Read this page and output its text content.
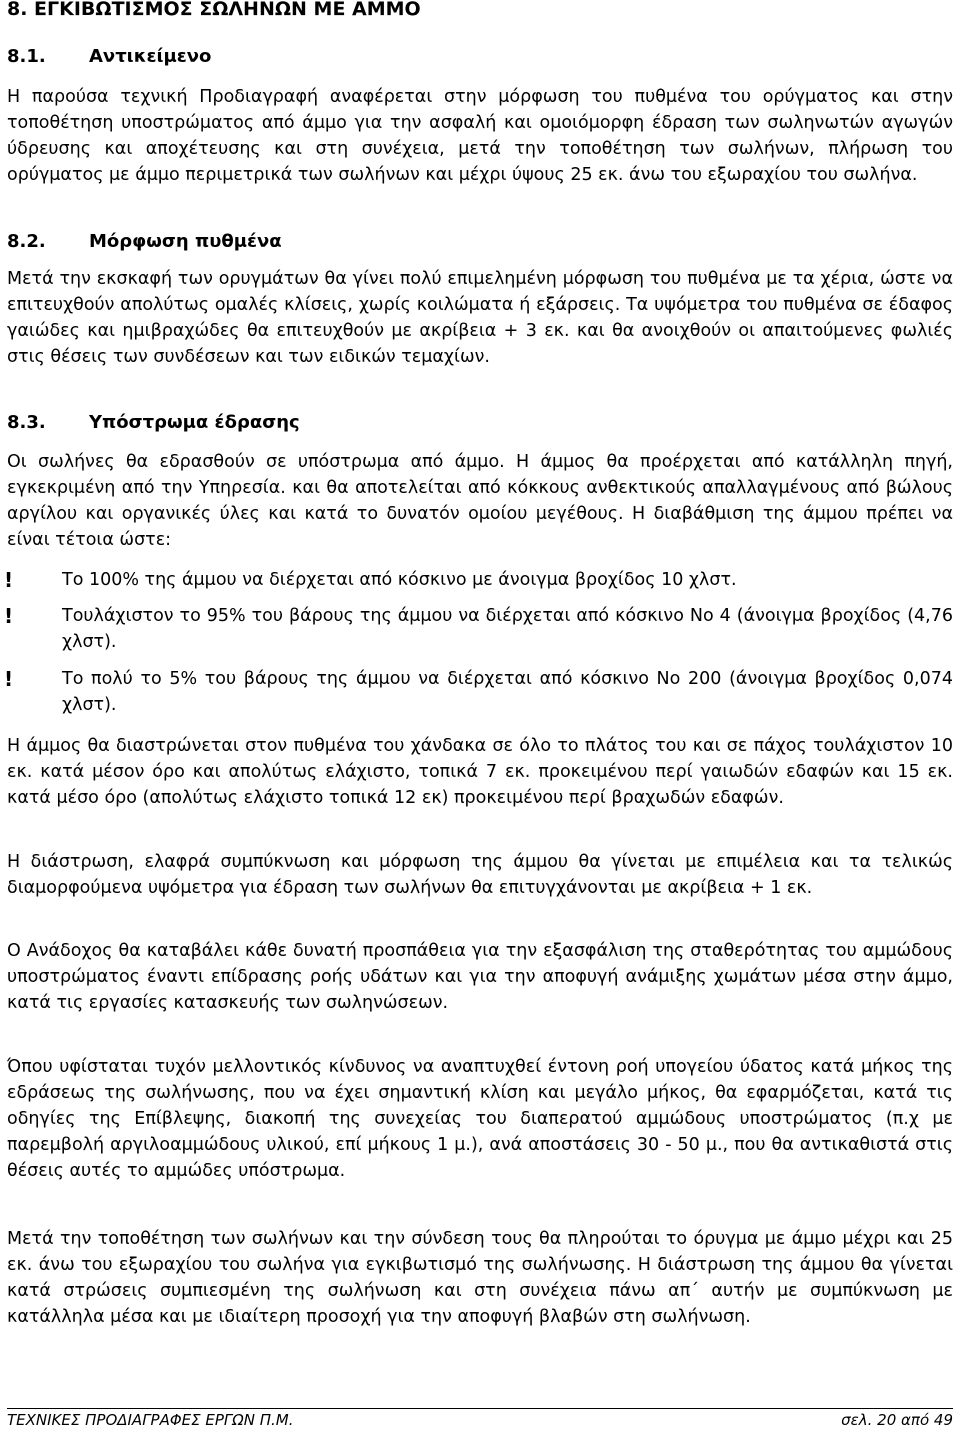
8. ΕΓΚΙΒΩΤΙΣΜΟΣ ΣΩΛΗΝΩΝ ΜΕ ΑΜΜΟ
8.1. Αντικείμενο

Η παρούσα τεχνική Προδιαγραφή αναφέρεται στην μόρφωση του πυθμένα του ορύγματος και στην τοποθέτηση υποστρώματος από άμμο για την ασφαλή και ομοιόμορφη έδραση των σωληνωτών αγωγών ύδρευσης και αποχέτευσης και στη συνέχεια, μετά την τοποθέτηση των σωλήνων, πλήρωση του ορύγματος με άμμο περιμετρικά των σωλήνων και μέχρι ύψους 25 εκ. άνω του εξωραχίου του σωλήνα.

8.2. Μόρφωση πυθμένα

Μετά την εκσκαφή των ορυγμάτων θα γίνει πολύ επιμελημένη μόρφωση του πυθμένα με τα χέρια, ώστε να επιτευχθούν απολύτως ομαλές κλίσεις, χωρίς κοιλώματα ή εξάρσεις. Τα υψόμετρα του πυθμένα σε έδαφος γαιώδες και ημιβραχώδες θα επιτευχθούν με ακρίβεια + 3 εκ. και θα ανοιχθούν οι απαιτούμενες φωλιές στις θέσεις των συνδέσεων και των ειδικών τεμαχίων.

8.3. Υπόστρωμα έδρασης

Οι σωλήνες θα εδρασθούν σε υπόστρωμα από άμμο. Η άμμος θα προέρχεται από κατάλληλη πηγή, εγκεκριμένη από την Υπηρεσία. και θα αποτελείται από κόκκους ανθεκτικούς απαλλαγμένους από βώλους αργίλου και οργανικές ύλες και κατά το δυνατόν ομοίου μεγέθους. Η διαβάθμιση της άμμου πρέπει να είναι τέτοια ώστε:

!	Το 100% της άμμου να διέρχεται από κόσκινο με άνοιγμα βροχίδος 10 χλστ.

!	Τουλάχιστον το 95% του βάρους της άμμου να διέρχεται από κόσκινο Νο 4 (άνοιγμα βροχίδος (4,76 χλστ).

!	Το πολύ το 5% του βάρους της άμμου να διέρχεται από κόσκινο Νο 200 (άνοιγμα βροχίδος 0,074 χλστ).

Η άμμος θα διαστρώνεται στον πυθμένα του χάνδακα σε όλο το πλάτος του και σε πάχος τουλάχιστον 10 εκ. κατά μέσον όρο και απολύτως ελάχιστο, τοπικά 7 εκ. προκειμένου περί γαιωδών εδαφών και 15 εκ. κατά μέσο όρο (απολύτως ελάχιστο τοπικά 12 εκ) προκειμένου περί βραχωδών εδαφών.

Η διάστρωση, ελαφρά συμπύκνωση και μόρφωση της άμμου θα γίνεται με επιμέλεια και τα τελικώς διαμορφούμενα υψόμετρα για έδραση των σωλήνων θα επιτυγχάνονται με ακρίβεια + 1 εκ.

Ο Ανάδοχος θα καταβάλει κάθε δυνατή προσπάθεια για την εξασφάλιση της σταθερότητας του αμμώδους υποστρώματος έναντι επίδρασης ροής υδάτων και για την αποφυγή ανάμιξης χωμάτων μέσα στην άμμο, κατά τις εργασίες κατασκευής των σωληνώσεων.

Όπου υφίσταται τυχόν μελλοντικός κίνδυνος να αναπτυχθεί έντονη ροή υπογείου ύδατος κατά μήκος της εδράσεως της σωλήνωσης, που να έχει σημαντική κλίση και μεγάλο μήκος, θα εφαρμόζεται, κατά τις οδηγίες της Επίβλεψης, διακοπή της συνεχείας του διαπερατού αμμώδους υποστρώματος (π.χ με παρεμβολή αργιλοαμμώδους υλικού, επί μήκους 1 μ.), ανά αποστάσεις 30 - 50 μ., που θα αντικαθιστά στις θέσεις αυτές το αμμώδες υπόστρωμα.

Μετά την τοποθέτηση των σωλήνων και την σύνδεση τους θα πληρούται το όρυγμα με άμμο μέχρι και 25 εκ. άνω του εξωραχίου του σωλήνα για εγκιβωτισμό της σωλήνωσης. Η διάστρωση της άμμου θα γίνεται κατά στρώσεις συμπιεσμένη της σωλήνωση και στη συνέχεια πάνω απ΄ αυτήν με συμπύκνωση με κατάλληλα μέσα και με ιδιαίτερη προσοχή για την αποφυγή βλαβών στη σωλήνωση.

ΤΕΧΝΙΚΕΣ ΠΡΟΔΙΑΓΡΑΦΕΣ ΕΡΓΩΝ Π.Μ.	σελ. 20 από 49
